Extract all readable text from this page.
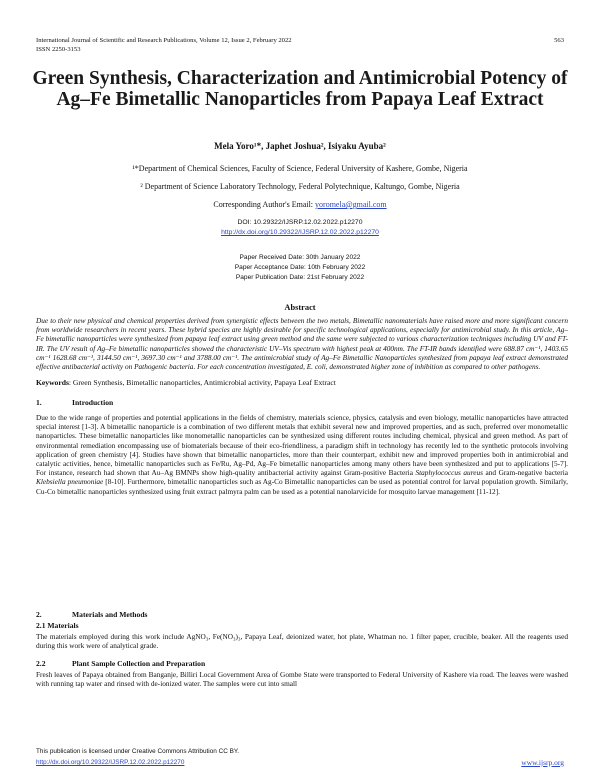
International Journal of Scientific and Research Publications, Volume 12, Issue 2, February 2022
ISSN 2250-3153
563
Green Synthesis, Characterization and Antimicrobial Potency of Ag–Fe Bimetallic Nanoparticles from Papaya Leaf Extract
Mela Yoro¹*, Japhet Joshua², Isiyaku Ayuba²
¹*Department of Chemical Sciences, Faculty of Science, Federal University of Kashere, Gombe, Nigeria
² Department of Science Laboratory Technology, Federal Polytechnique, Kaltungo, Gombe, Nigeria
Corresponding Author's Email: yoromela@gmail.com
DOI: 10.29322/IJSRP.12.02.2022.p12270
http://dx.doi.org/10.29322/IJSRP.12.02.2022.p12270
Paper Received Date: 30th January 2022
Paper Acceptance Date: 10th February 2022
Paper Publication Date: 21st February 2022
Abstract
Due to their new physical and chemical properties derived from synergistic effects between the two metals, Bimetallic nanomaterials have raised more and more significant concern from worldwide researchers in recent years. These hybrid species are highly desirable for specific technological applications, especially for antimicrobial study. In this article, Ag–Fe bimetallic nanoparticles were synthesized from papaya leaf extract using green method and the same were subjected to various characterization techniques including UV and FT-IR. The UV result of Ag–Fe bimetallic nanoparticles showed the characteristic UV–Vis spectrum with highest peak at 400nm. The FT-IR bands identified were 688.87 cm⁻¹, 1403.65 cm⁻¹ 1628.68 cm⁻¹, 3144.50 cm⁻¹, 3697.30 cm⁻¹ and 3788.00 cm⁻¹. The antimicrobial study of Ag–Fe Bimetallic Nanoparticles synthesized from papaya leaf extract demonstrated effective antibacterial activity on Pathogenic bacteria. For each concentration investigated, E. coli, demonstrated higher zone of inhibition as compared to other pathogens.
Keywords: Green Synthesis, Bimetallic nanoparticles, Antimicrobial activity, Papaya Leaf Extract
1.	Introduction
Due to the wide range of properties and potential applications in the fields of chemistry, materials science, physics, catalysis and even biology, metallic nanoparticles have attracted special interest [1-3]. A bimetallic nanoparticle is a combination of two different metals that exhibit several new and improved properties, and as such, preferred over monometallic nanoparticles. These bimetallic nanoparticles like monometallic nanoparticles can be synthesized using different routes including chemical, physical and green method. As part of environmental remediation encompassing use of biomaterials because of their eco-friendliness, a paradigm shift in technology has recently led to the synthetic protocols involving application of green chemistry [4]. Studies have shown that bimetallic nanoparticles, more than their counterpart, exhibit new and improved properties both in antimicrobial and catalytic activities, hence, bimetallic nanoparticles such as Fe/Ru, Ag–Pd, Ag–Fe bimetallic nanoparticles among many others have been synthesized and put to applications [5-7]. For instance, research had shown that Au–Ag BMNPs show high-quality antibacterial activity against Gram-positive Bacteria Staphylococcus aureus and Gram-negative bacteria Klebsiella pneumoniae [8-10]. Furthermore, bimetallic nanoparticles such as Ag-Co Bimetallic nanoparticles can be used as potential control for larval population growth. Similarly, Cu-Co bimetallic nanoparticles synthesized using fruit extract palmyra palm can be used as a potential nanolarvicide for mosquito larvae management [11-12].
2.	Materials and Methods
2.1 Materials
The materials employed during this work include AgNO₃, Fe(NO₃)₃, Papaya Leaf, deionized water, hot plate, Whatman no. 1 filter paper, crucible, beaker. All the reagents used during this work were of analytical grade.
2.2	Plant Sample Collection and Preparation
Fresh leaves of Papaya obtained from Banganje, Billiri Local Government Area of Gombe State were transported to Federal University of Kashere via road. The leaves were washed with running tap water and rinsed with de-ionized water. The samples were cut into small
This publication is licensed under Creative Commons Attribution CC BY.
http://dx.doi.org/10.29322/IJSRP.12.02.2022.p12270	www.ijsrp.org
